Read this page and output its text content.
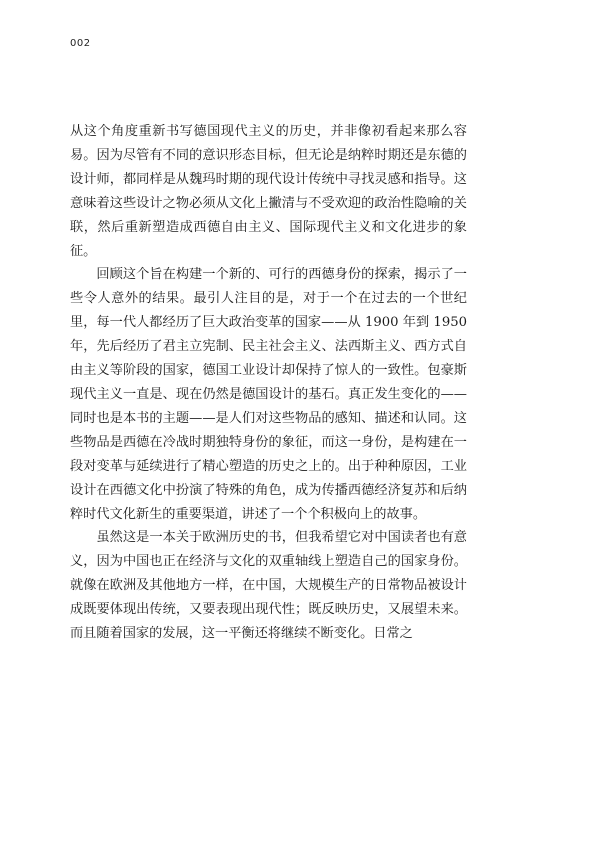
002

从这个角度重新书写德国现代主义的历史，并非像初看起来那么容易。因为尽管有不同的意识形态目标，但无论是纳粹时期还是东德的设计师，都同样是从魏玛时期的现代设计传统中寻找灵感和指导。这意味着这些设计之物必须从文化上撇清与不受欢迎的政治性隐喻的关联，然后重新塑造成西德自由主义、国际现代主义和文化进步的象征。

回顾这个旨在构建一个新的、可行的西德身份的探索，揭示了一些令人意外的结果。最引人注目的是，对于一个在过去的一个世纪里，每一代人都经历了巨大政治变革的国家——从 1900 年到 1950 年，先后经历了君主立宪制、民主社会主义、法西斯主义、西方式自由主义等阶段的国家，德国工业设计却保持了惊人的一致性。包豪斯现代主义一直是、现在仍然是德国设计的基石。真正发生变化的——同时也是本书的主题——是人们对这些物品的感知、描述和认同。这些物品是西德在冷战时期独特身份的象征，而这一身份，是构建在一段对变革与延续进行了精心塑造的历史之上的。出于种种原因，工业设计在西德文化中扮演了特殊的角色，成为传播西德经济复苏和后纳粹时代文化新生的重要渠道，讲述了一个个积极向上的故事。

虽然这是一本关于欧洲历史的书，但我希望它对中国读者也有意义，因为中国也正在经济与文化的双重轴线上塑造自己的国家身份。就像在欧洲及其他地方一样，在中国，大规模生产的日常物品被设计成既要体现出传统，又要表现出现代性；既反映历史，又展望未来。而且随着国家的发展，这一平衡还将继续不断变化。日常之
